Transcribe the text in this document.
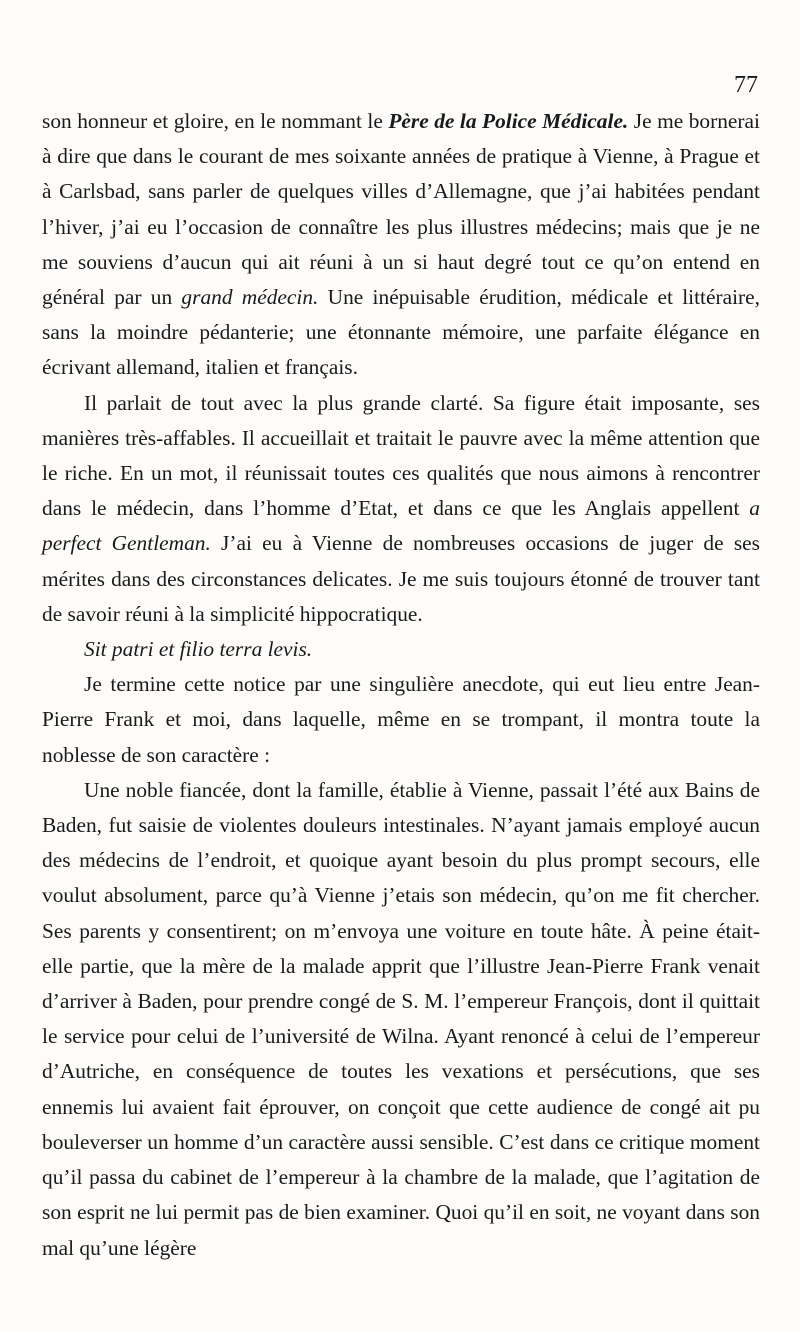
77

son honneur et gloire, en le nommant le Père de la Police Médicale. Je me bornerai à dire que dans le courant de mes soixante années de pratique à Vienne, à Prague et à Carlsbad, sans parler de quelques villes d’Allemagne, que j’ai habitées pendant l’hiver, j’ai eu l’occasion de connaître les plus illustres médecins; mais que je ne me souviens d’aucun qui ait réuni à un si haut degré tout ce qu’on entend en général par un grand médecin. Une inépuisable érudition, médicale et littéraire, sans la moindre pédanterie; une étonnante mémoire, une parfaite élégance en écrivant allemand, italien et français.

Il parlait de tout avec la plus grande clarté. Sa figure était imposante, ses manières très-affables. Il accueillait et traitait le pauvre avec la même attention que le riche. En un mot, il réunissait toutes ces qualités que nous aimons à rencontrer dans le médecin, dans l’homme d’Etat, et dans ce que les Anglais appellent a perfect Gentleman. J’ai eu à Vienne de nombreuses occasions de juger de ses mérites dans des circonstances delicates. Je me suis toujours étonné de trouver tant de savoir réuni à la simplicité hippocratique.

Sit patri et filio terra levis.

Je termine cette notice par une singulière anecdote, qui eut lieu entre Jean-Pierre Frank et moi, dans laquelle, même en se trompant, il montra toute la noblesse de son caractère :

Une noble fiancée, dont la famille, établie à Vienne, passait l’été aux Bains de Baden, fut saisie de violentes douleurs intestinales. N’ayant jamais employé aucun des médecins de l’endroit, et quoique ayant besoin du plus prompt secours, elle voulut absolument, parce qu’à Vienne j’etais son médecin, qu’on me fit chercher. Ses parents y consentirent; on m’envoya une voiture en toute hâte. À peine était-elle partie, que la mère de la malade apprit que l’illustre Jean-Pierre Frank venait d’arriver à Baden, pour prendre congé de S. M. l’empereur François, dont il quittait le service pour celui de l’université de Wilna. Ayant renoncé à celui de l’empereur d’Autriche, en conséquence de toutes les vexations et persécutions, que ses ennemis lui avaient fait éprouver, on conçoit que cette audience de congé ait pu bouleverser un homme d’un caractère aussi sensible. C’est dans ce critique moment qu’il passa du cabinet de l’empereur à la chambre de la malade, que l’agitation de son esprit ne lui permit pas de bien examiner. Quoi qu’il en soit, ne voyant dans son mal qu’une légère
